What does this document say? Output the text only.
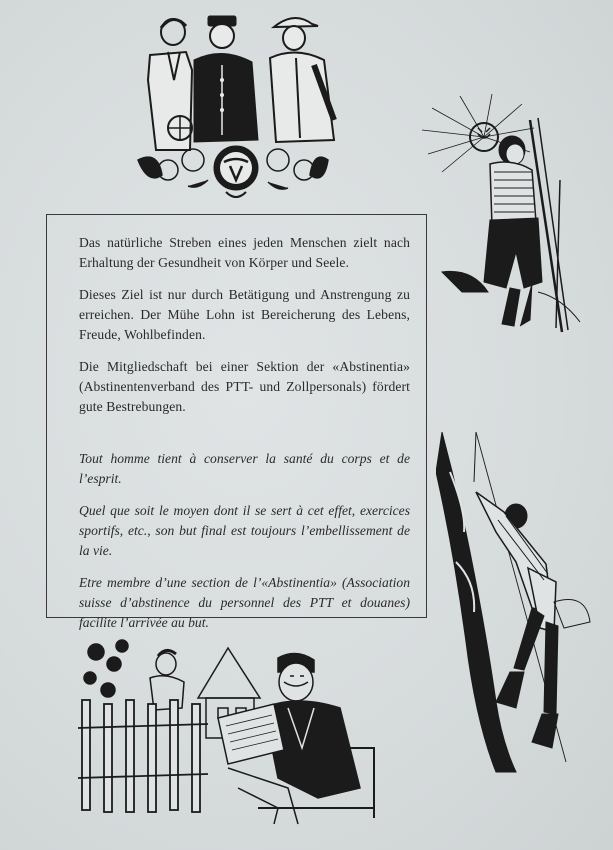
Das natürliche Streben eines jeden Menschen zielt nach Erhaltung der Gesundheit von Körper und Seele.

Dieses Ziel ist nur durch Betätigung und Anstrengung zu erreichen. Der Mühe Lohn ist Bereicherung des Lebens, Freude, Wohlbefinden.

Die Mitgliedschaft bei einer Sektion der «Abstinentia» (Abstinentenverband des PTT- und Zollpersonals) fördert gute Bestrebungen.

Tout homme tient à conserver la santé du corps et de l’esprit.

Quel que soit le moyen dont il se sert à cet effet, exercices sportifs, etc., son but final est toujours l’embellissement de la vie.

Etre membre d’une section de l’«Abstinentia» (Association suisse d’abstinence du personnel des PTT et douanes) facilite l’arrivée au but.
